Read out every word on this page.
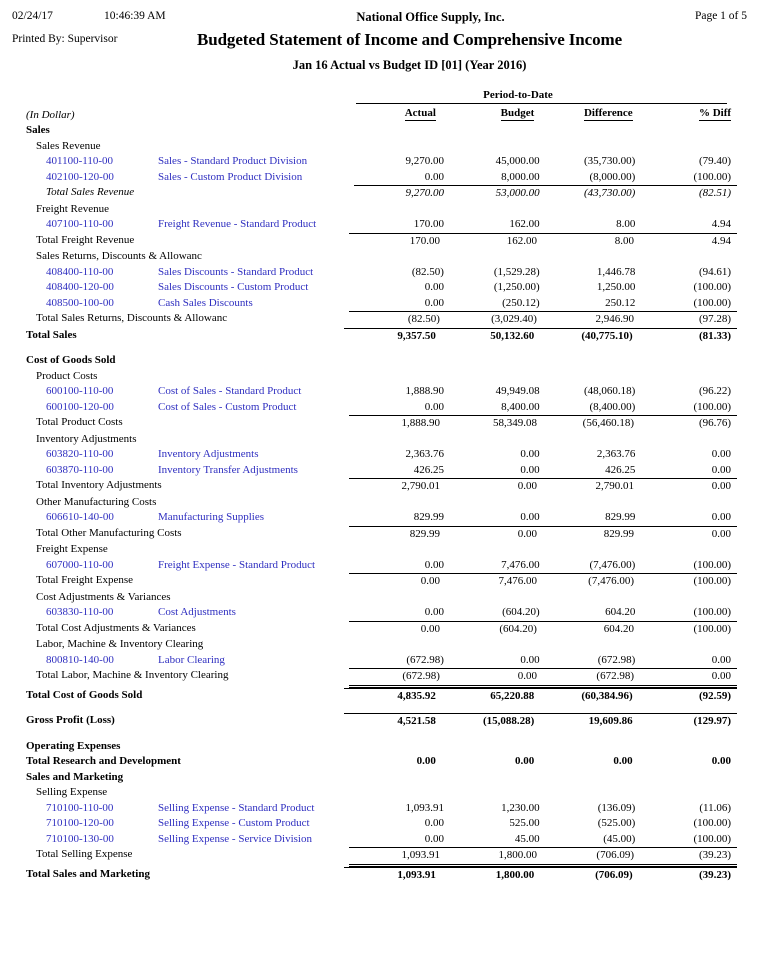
02/24/17	10:46:39 AM	National Office Supply, Inc.	Page 1 of 5
Printed By: Supervisor	Budgeted Statement of Income and Comprehensive Income
Jan 16 Actual vs Budget ID [01] (Year 2016)
Period-to-Date
(In Dollar)	Actual	Budget	Difference	% Diff
Sales
Sales Revenue
401100-110-00	Sales - Standard Product Division	9,270.00	45,000.00	(35,730.00)	(79.40)
402100-120-00	Sales - Custom Product Division	0.00	8,000.00	(8,000.00)	(100.00)
Total Sales Revenue	9,270.00	53,000.00	(43,730.00)	(82.51)
Freight Revenue
407100-110-00	Freight Revenue - Standard Product	170.00	162.00	8.00	4.94
Total Freight Revenue	170.00	162.00	8.00	4.94
Sales Returns, Discounts & Allowanc
408400-110-00	Sales Discounts - Standard Product	(82.50)	(1,529.28)	1,446.78	(94.61)
408400-120-00	Sales Discounts - Custom Product	0.00	(1,250.00)	1,250.00	(100.00)
408500-100-00	Cash Sales Discounts	0.00	(250.12)	250.12	(100.00)
Total Sales Returns, Discounts & Allowanc	(82.50)	(3,029.40)	2,946.90	(97.28)
Total Sales	9,357.50	50,132.60	(40,775.10)	(81.33)
Cost of Goods Sold
Product Costs
600100-110-00	Cost of Sales - Standard Product	1,888.90	49,949.08	(48,060.18)	(96.22)
600100-120-00	Cost of Sales - Custom Product	0.00	8,400.00	(8,400.00)	(100.00)
Total Product Costs	1,888.90	58,349.08	(56,460.18)	(96.76)
Inventory Adjustments
603820-110-00	Inventory Adjustments	2,363.76	0.00	2,363.76	0.00
603870-110-00	Inventory Transfer Adjustments	426.25	0.00	426.25	0.00
Total Inventory Adjustments	2,790.01	0.00	2,790.01	0.00
Other Manufacturing Costs
606610-140-00	Manufacturing Supplies	829.99	0.00	829.99	0.00
Total Other Manufacturing Costs	829.99	0.00	829.99	0.00
Freight Expense
607000-110-00	Freight Expense - Standard Product	0.00	7,476.00	(7,476.00)	(100.00)
Total Freight Expense	0.00	7,476.00	(7,476.00)	(100.00)
Cost Adjustments & Variances
603830-110-00	Cost Adjustments	0.00	(604.20)	604.20	(100.00)
Total Cost Adjustments & Variances	0.00	(604.20)	604.20	(100.00)
Labor, Machine & Inventory Clearing
800810-140-00	Labor Clearing	(672.98)	0.00	(672.98)	0.00
Total Labor, Machine & Inventory Clearing	(672.98)	0.00	(672.98)	0.00
Total Cost of Goods Sold	4,835.92	65,220.88	(60,384.96)	(92.59)
Gross Profit (Loss)	4,521.58	(15,088.28)	19,609.86	(129.97)
Operating Expenses
Total Research and Development	0.00	0.00	0.00	0.00
Sales and Marketing
Selling Expense
710100-110-00	Selling Expense - Standard Product	1,093.91	1,230.00	(136.09)	(11.06)
710100-120-00	Selling Expense - Custom Product	0.00	525.00	(525.00)	(100.00)
710100-130-00	Selling Expense - Service Division	0.00	45.00	(45.00)	(100.00)
Total Selling Expense	1,093.91	1,800.00	(706.09)	(39.23)
Total Sales and Marketing	1,093.91	1,800.00	(706.09)	(39.23)
